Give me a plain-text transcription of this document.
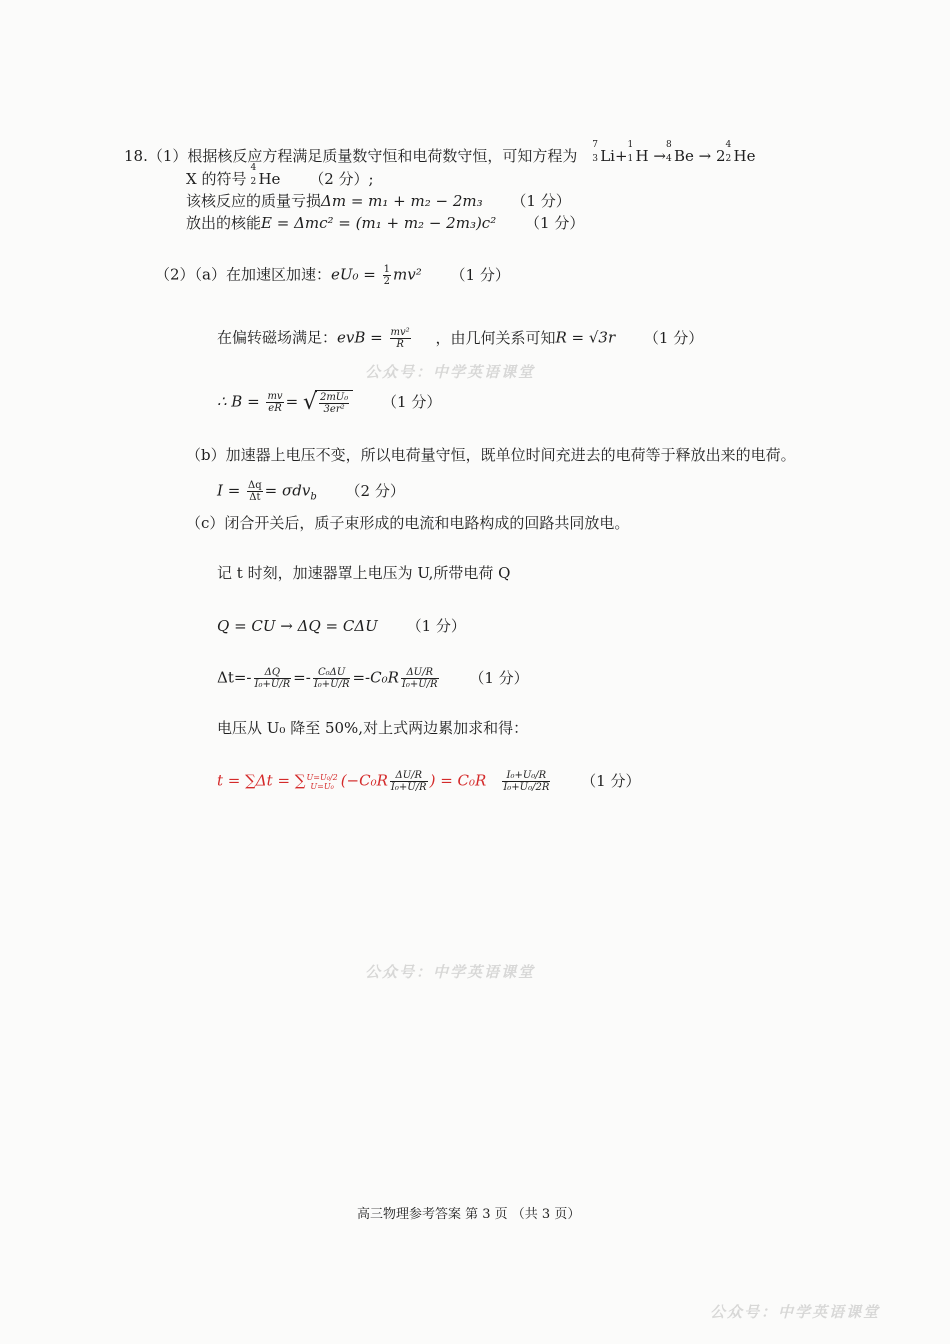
18.（1）根据核反应方程满足质量数守恒和电荷数守恒，可知方程为
7
3 Li+
1
1 H →
8
4 Be → 2
4
2 He
X 的符号
4
2 He （2 分）;
该核反应的质量亏损Δm = m₁ + m₂ − 2m₃ （1 分）
放出的核能E = Δmc² = (m₁ + m₂ − 2m₃)c² （1 分）
（2）（a）在加速区加速：$eU_0 = \frac{1}{2} mv^2$ （1 分）
在偏转磁场满足：evB = $\frac{\text{mv²}}{R}$ ，由几何关系可知R = √3r （1 分）
∴ $B = \frac{mv}{eR}$ = √ $\frac{\text{2mU₀}}{\text{3er²}} (1$ 分）
（b）加速器上电压不变，所以电荷量守恒，既单位时间充进去的电荷等于释放出来的电荷。
$I = \frac{\Delta q}{\Delta t} = \sigma dv_b$ （2 分）
（c）闭合开关后，质子束形成的电流和电路构成的回路共同放电。
记 t 时刻，加速器罩上电压为 U,所带电荷 Q
Q = CU → ΔQ = CΔU （1 分）
$\Delta t=- \frac{\Delta Q}{\text{I₀+U/R}} =- \frac{\text{C₀ΔU}}{\text{I₀+U/R}} =-C_0R \frac{\Delta U/R}{\text{I₀+U/R}} (1$ 分）
电压从 U₀ 降至 50%,对上式两边累加求和得：
t = ∑Δt = ∑ U=U₀/2
U=U₀ ($-C_0R \frac{\Delta U/R}{\text{I₀+U/R}}$ ) = $C_0R \frac{\text{I₀+U₀/R}}{\text{I₀+U₀/2R}} (1$ 分）
公众号：中学英语课堂
公众号：中学英语课堂
公众号：中学英语课堂
高三物理参考答案 第 3 页 （共 3 页）
